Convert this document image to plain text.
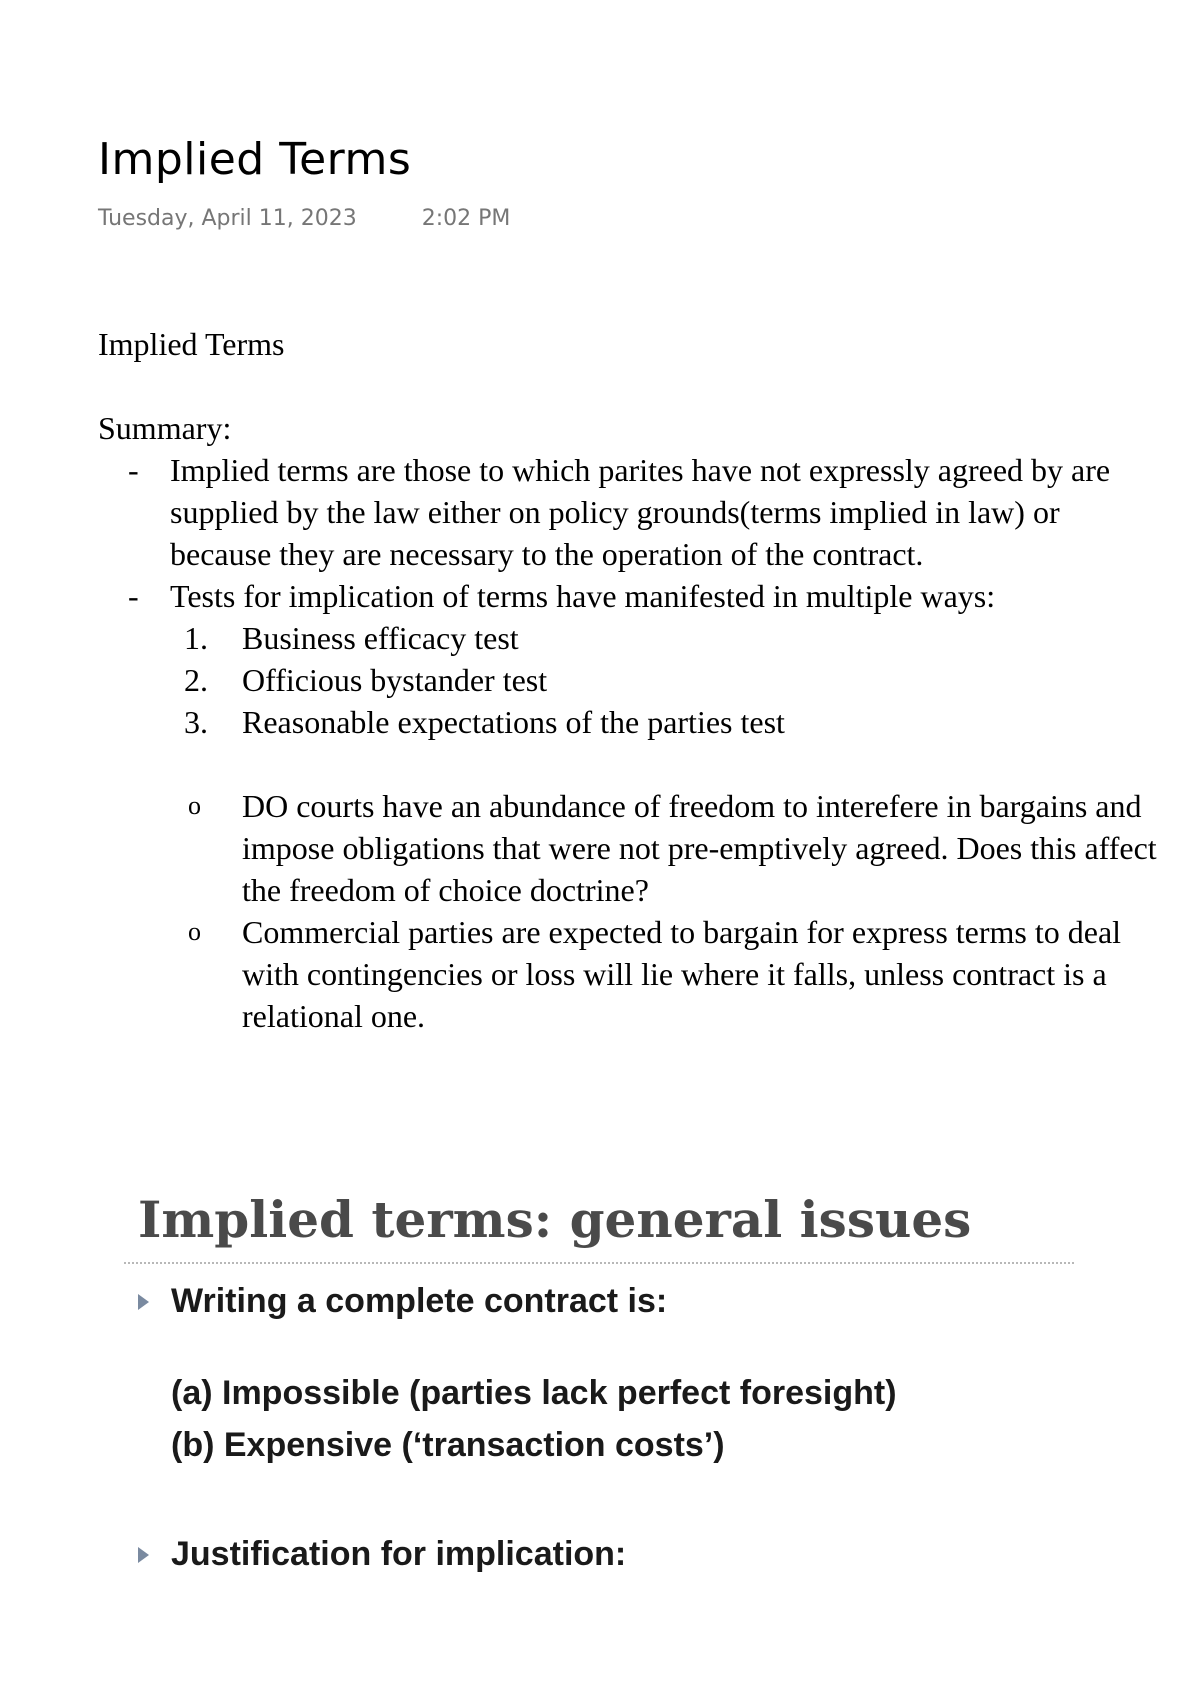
Implied Terms
Tuesday, April 11, 2023	2:02 PM

Implied Terms

Summary:

- Implied terms are those to which parites have not expressly agreed by are supplied by the law either on policy grounds(terms implied in law) or because they are necessary to the operation of the contract.
- Tests for implication of terms have manifested in multiple ways:
1.	Business efficacy test
2.	Officious bystander test
3.	Reasonable expectations of the parties test
o	DO courts have an abundance of freedom to interefere in bargains and impose obligations that were not pre-emptively agreed. Does this affect the freedom of choice doctrine?
o	Commercial parties are expected to bargain for express terms to deal with contingencies or loss will lie where it falls, unless contract is a relational one.
Implied terms: general issues
Writing a complete contract is:
(a) Impossible (parties lack perfect foresight)
(b) Expensive (‘transaction costs’)
Justification for implication:
